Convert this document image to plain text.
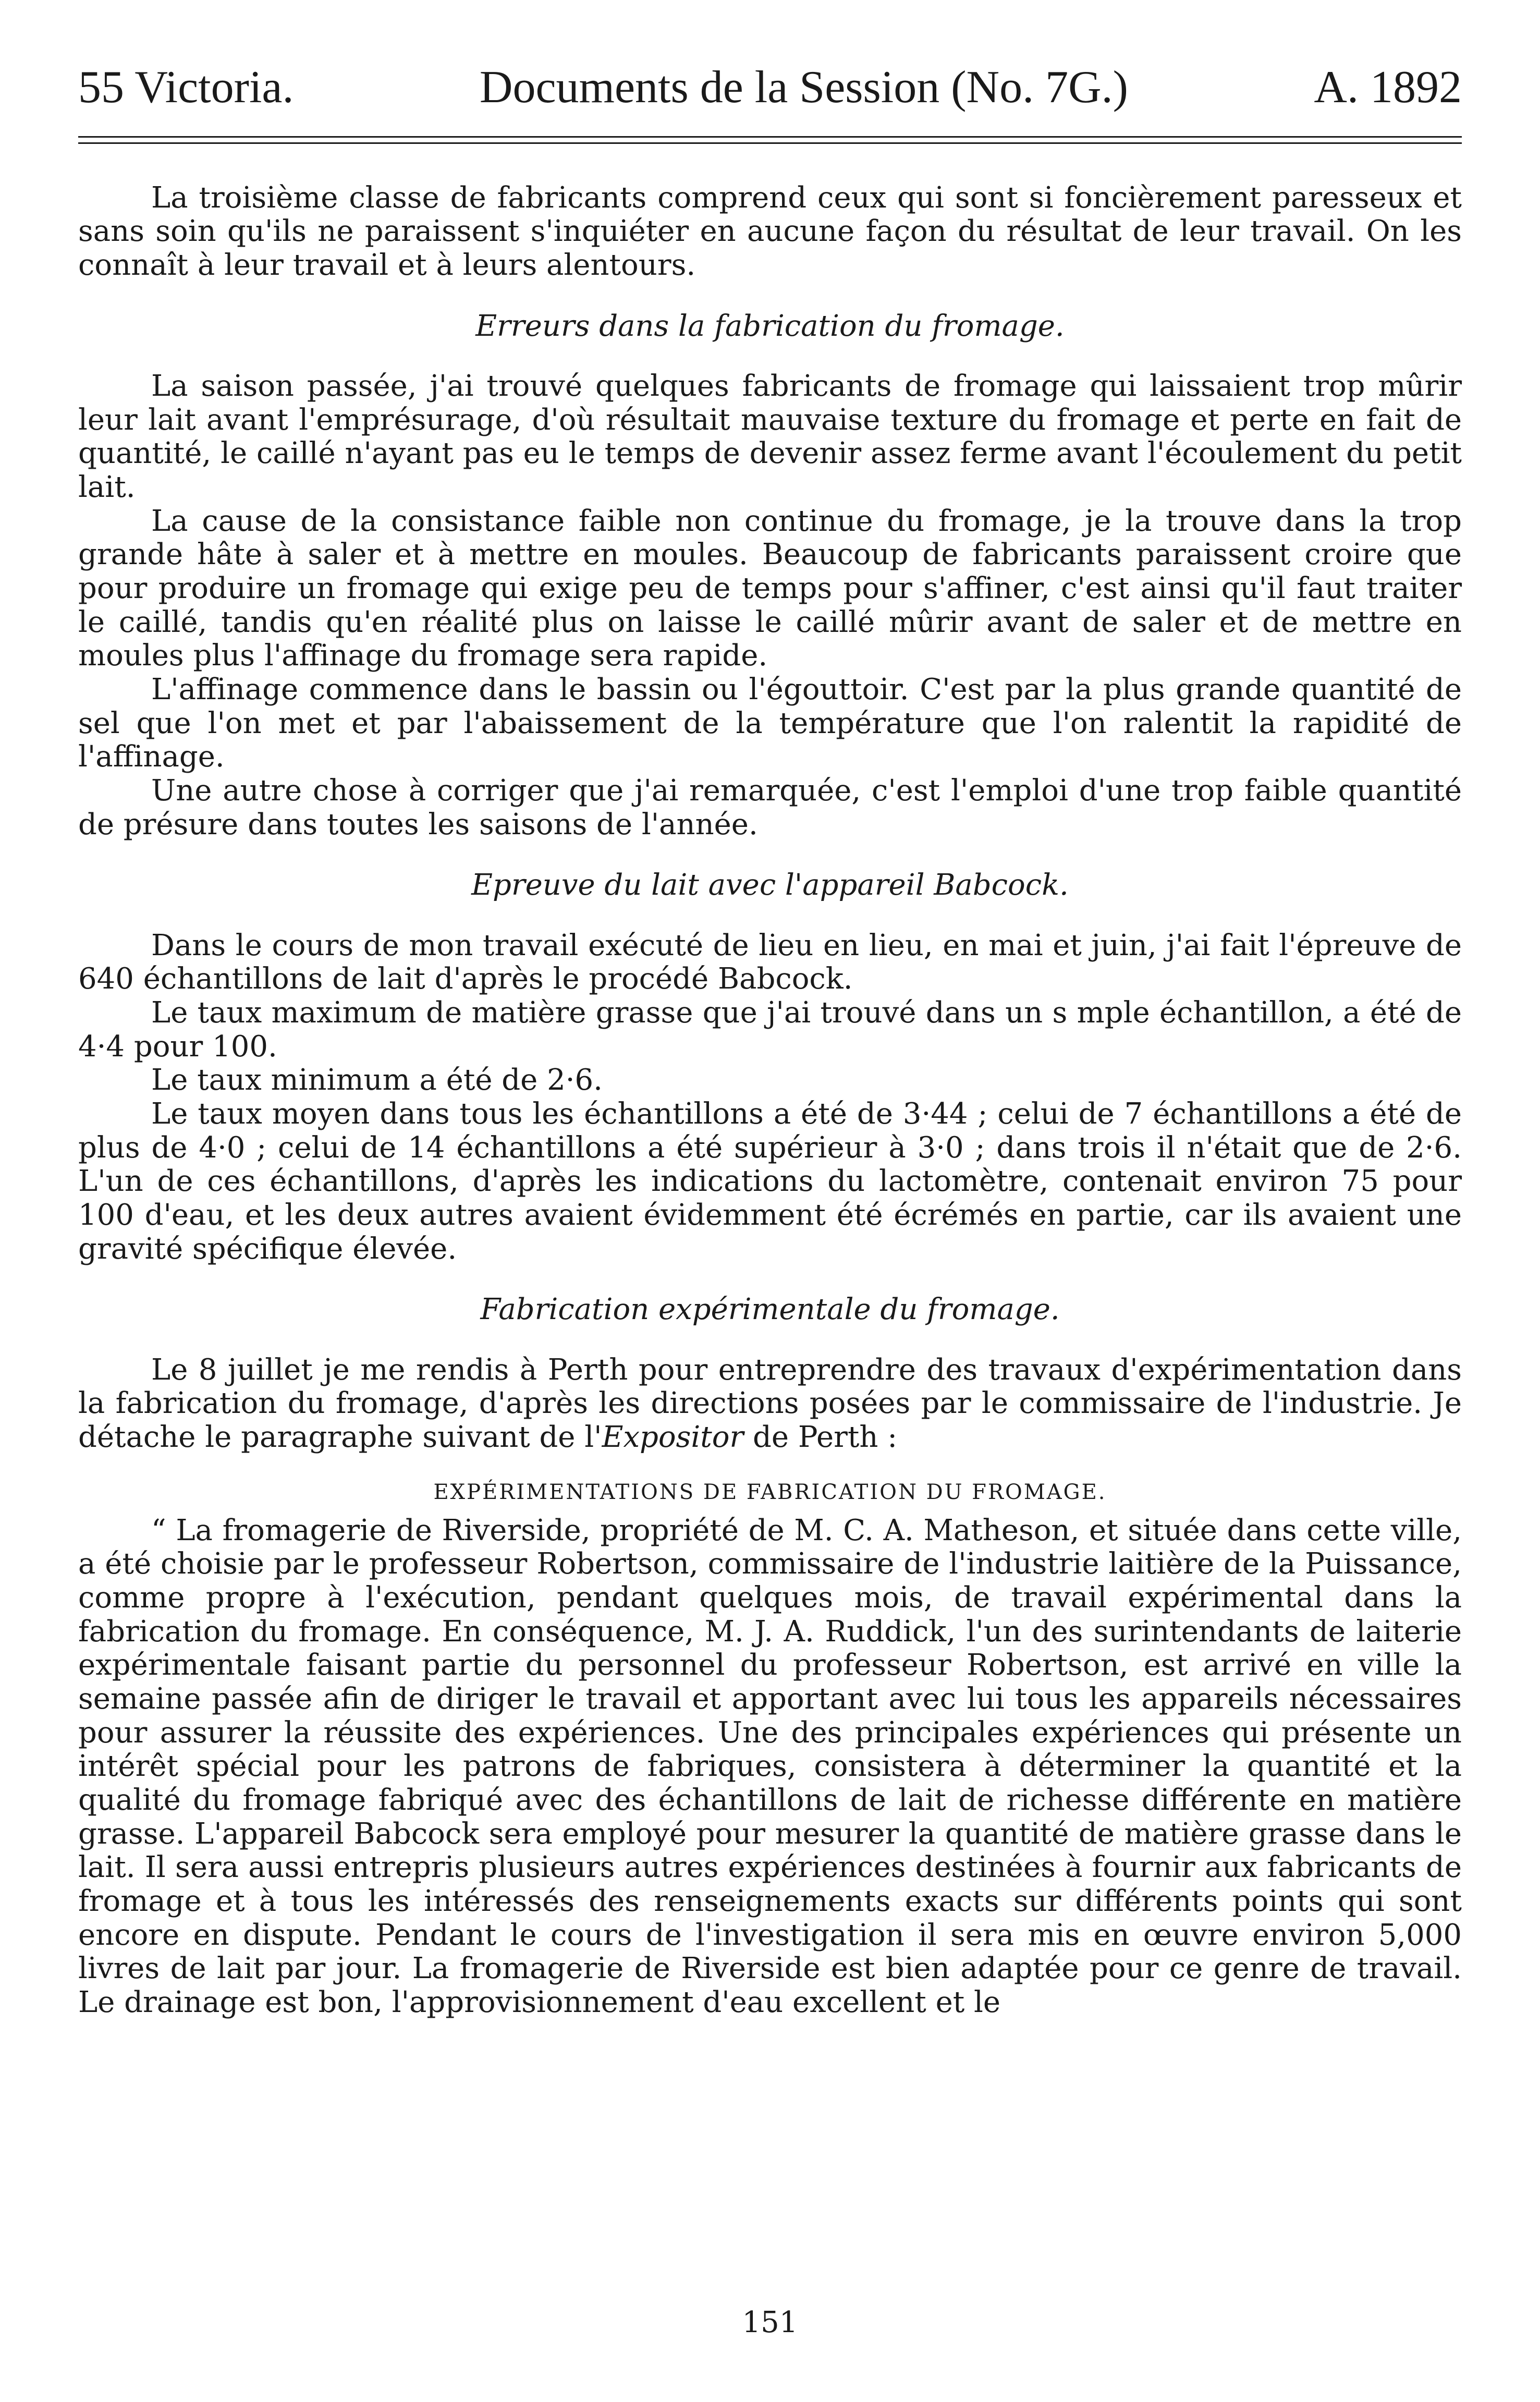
55 Victoria.	Documents de la Session (No. 7G.)	A. 1892

La troisième classe de fabricants comprend ceux qui sont si foncièrement paresseux et sans soin qu'ils ne paraissent s'inquiéter en aucune façon du résultat de leur travail. On les connaît à leur travail et à leurs alentours.

Erreurs dans la fabrication du fromage.

La saison passée, j'ai trouvé quelques fabricants de fromage qui laissaient trop mûrir leur lait avant l'emprésurage, d'où résultait mauvaise texture du fromage et perte en fait de quantité, le caillé n'ayant pas eu le temps de devenir assez ferme avant l'écoulement du petit lait.

La cause de la consistance faible non continue du fromage, je la trouve dans la trop grande hâte à saler et à mettre en moules. Beaucoup de fabricants paraissent croire que pour produire un fromage qui exige peu de temps pour s'affiner, c'est ainsi qu'il faut traiter le caillé, tandis qu'en réalité plus on laisse le caillé mûrir avant de saler et de mettre en moules plus l'affinage du fromage sera rapide.

L'affinage commence dans le bassin ou l'égouttoir. C'est par la plus grande quantité de sel que l'on met et par l'abaissement de la température que l'on ralentit la rapidité de l'affinage.

Une autre chose à corriger que j'ai remarquée, c'est l'emploi d'une trop faible quantité de présure dans toutes les saisons de l'année.

Epreuve du lait avec l'appareil Babcock.

Dans le cours de mon travail exécuté de lieu en lieu, en mai et juin, j'ai fait l'épreuve de 640 échantillons de lait d'après le procédé Babcock.

Le taux maximum de matière grasse que j'ai trouvé dans un s mple échantillon, a été de 4·4 pour 100.

Le taux minimum a été de 2·6.

Le taux moyen dans tous les échantillons a été de 3·44 ; celui de 7 échantillons a été de plus de 4·0 ; celui de 14 échantillons a été supérieur à 3·0 ; dans trois il n'était que de 2·6. L'un de ces échantillons, d'après les indications du lactomètre, contenait environ 75 pour 100 d'eau, et les deux autres avaient évidemment été écrémés en partie, car ils avaient une gravité spécifique élevée.

Fabrication expérimentale du fromage.

Le 8 juillet je me rendis à Perth pour entreprendre des travaux d'expérimentation dans la fabrication du fromage, d'après les directions posées par le commissaire de l'industrie. Je détache le paragraphe suivant de l'Expositor de Perth :

EXPÉRIMENTATIONS DE FABRICATION DU FROMAGE.

“ La fromagerie de Riverside, propriété de M. C. A. Matheson, et située dans cette ville, a été choisie par le professeur Robertson, commissaire de l'industrie laitière de la Puissance, comme propre à l'exécution, pendant quelques mois, de travail expérimental dans la fabrication du fromage. En conséquence, M. J. A. Ruddick, l'un des surintendants de laiterie expérimentale faisant partie du personnel du professeur Robertson, est arrivé en ville la semaine passée afin de diriger le travail et apportant avec lui tous les appareils nécessaires pour assurer la réussite des expériences. Une des principales expériences qui présente un intérêt spécial pour les patrons de fabriques, consistera à déterminer la quantité et la qualité du fromage fabriqué avec des échantillons de lait de richesse différente en matière grasse. L'appareil Babcock sera employé pour mesurer la quantité de matière grasse dans le lait. Il sera aussi entrepris plusieurs autres expériences destinées à fournir aux fabricants de fromage et à tous les intéressés des renseignements exacts sur différents points qui sont encore en dispute. Pendant le cours de l'investigation il sera mis en œuvre environ 5,000 livres de lait par jour. La fromagerie de Riverside est bien adaptée pour ce genre de travail. Le drainage est bon, l'approvisionnement d'eau excellent et le

151
